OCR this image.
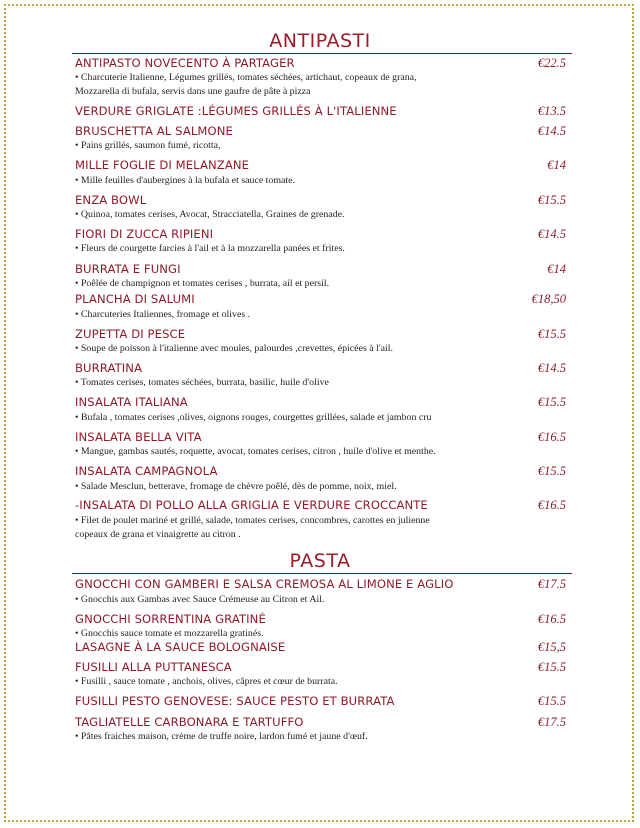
ANTIPASTI
ANTIPASTO NOVECENTO À PARTAGER	€22.5
• Charcuterie Italienne, Légumes grillés, tomates séchées, artichaut, copeaux de grana,
Mozzarella di bufala, servis dans une gaufre de pâte à pizza
VERDURE GRIGLATE :LÉGUMES GRILLÉS À L'ITALIENNE	€13.5
BRUSCHETTA AL SALMONE	€14.5
• Pains grillés, saumon fumé, ricotta,
MILLE FOGLIE DI MELANZANE	€14
• Mille feuilles d'aubergines à la bufala et sauce tomate.
ENZA BOWL	€15.5
• Quinoa, tomates cerises, Avocat, Stracciatella, Graines de grenade.
FIORI DI ZUCCA RIPIENI	€14.5
• Fleurs de courgette farcies à l'ail et à la mozzarella panées et frites.
BURRATA E FUNGI	€14
• Poêlée de champignon et tomates cerises , burrata, ail et persil.
PLANCHA DI SALUMI	€18,50
• Charcuteries Italiennes, fromage et olives .
ZUPETTA DI PESCE	€15.5
• Soupe de poisson à l'italienne avec moules, palourdes ,crevettes, épicées à l'ail.
BURRATINA	€14.5
• Tomates cerises, tomates séchées, burrata, basilic, huile d'olive
INSALATA ITALIANA	€15.5
• Bufala , tomates cerises ,olives, oignons rouges, courgettes grillées, salade et jambon cru
INSALATA BELLA VITA	€16.5
• Mangue, gambas sautés, roquette, avocat, tomates cerises, citron , huile d'olive et menthe.
INSALATA CAMPAGNOLA	€15.5
• Salade Mesclun, betterave, fromage de chèvre poêlé, dès de pomme, noix, miel.
-INSALATA DI POLLO ALLA GRIGLIA E VERDURE CROCCANTE	€16.5
• Filet de poulet mariné et grillé, salade, tomates cerises, concombres, carottes en julienne
copeaux de grana et vinaigrette au citron .
PASTA
GNOCCHI CON GAMBERI E SALSA CREMOSA AL LIMONE E AGLIO	€17.5
• Gnocchis aux Gambas avec Sauce Crémeuse au Citron et Ail.
GNOCCHI SORRENTINA GRATINÉ	€16.5
• Gnocchis sauce tomate et mozzarella gratinés.
LASAGNE À LA SAUCE BOLOGNAISE	€15,5
FUSILLI ALLA PUTTANESCA	€15.5
• Fusilli , sauce tomate , anchois, olives, câpres et cœur de burrata.
FUSILLI PESTO GENOVESE: SAUCE PESTO ET BURRATA	€15.5
TAGLIATELLE CARBONARA E TARTUFFO	€17.5
• Pâtes fraiches maison, crème de truffe noire, lardon fumé et jaune d'œuf.
